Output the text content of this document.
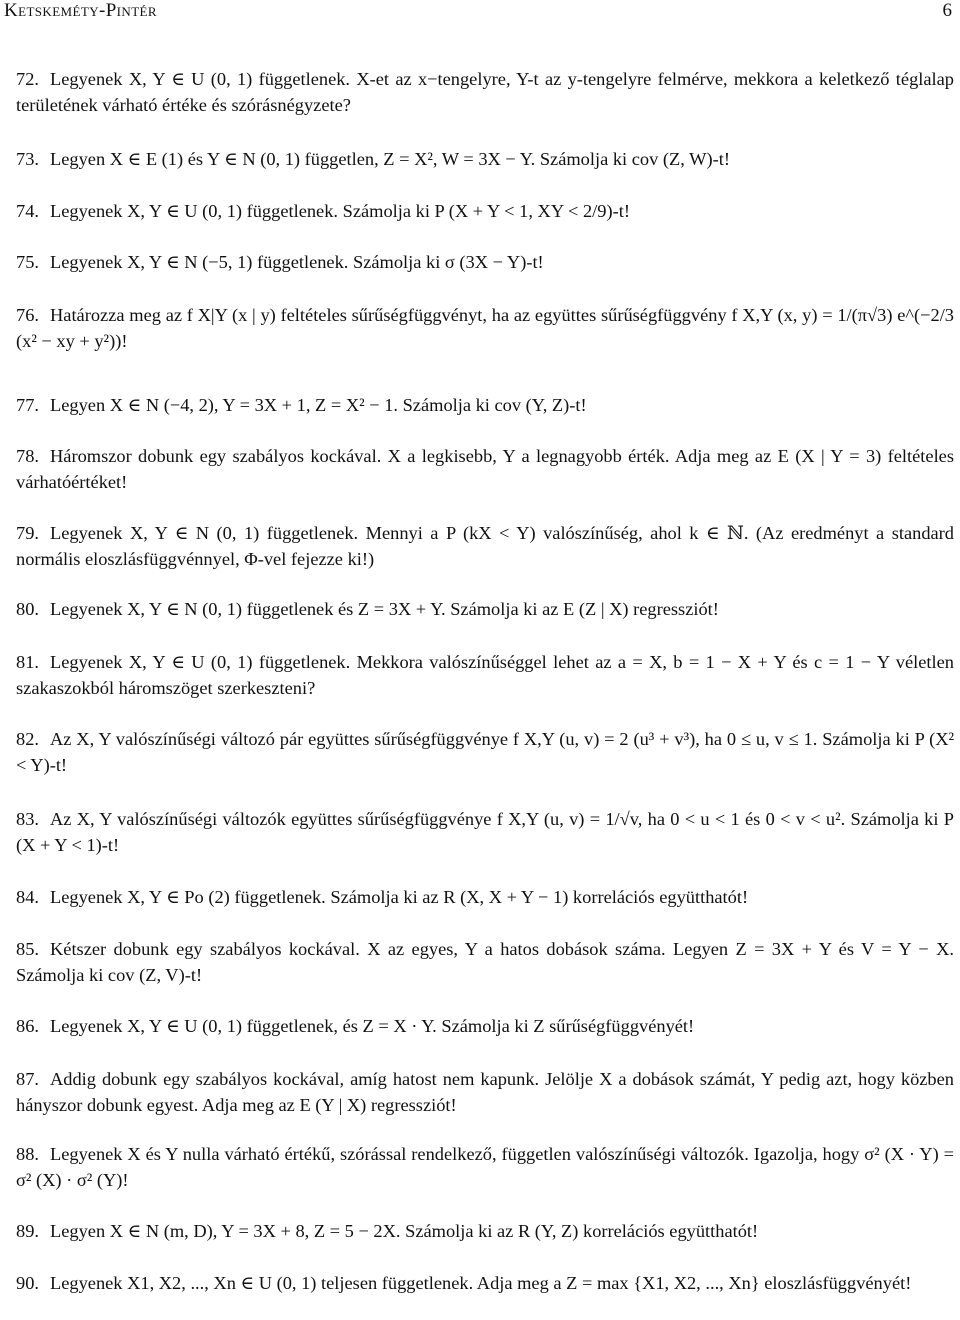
Ketskeméty-Pintér	6
72. Legyenek X, Y ∈ U (0, 1) függetlenek. X-et az x−tengelyre, Y-t az y-tengelyre felmérve, mekkora a keletkező téglalap területének várható értéke és szórásnégyzete?
73. Legyen X ∈ E (1) és Y ∈ N (0, 1) független, Z = X², W = 3X − Y. Számolja ki cov (Z, W)-t!
74. Legyenek X, Y ∈ U (0, 1) függetlenek. Számolja ki P (X + Y < 1, XY < 2/9)-t!
75. Legyenek X, Y ∈ N (−5, 1) függetlenek. Számolja ki σ (3X − Y)-t!
76. Határozza meg az f X|Y (x | y) feltételes sűrűségfüggvényt, ha az együttes sűrűségfüggvény f X,Y (x, y) = 1/(π√3) e^(−2/3 (x² − xy + y²))!
77. Legyen X ∈ N (−4, 2), Y = 3X + 1, Z = X² − 1. Számolja ki cov (Y, Z)-t!
78. Háromszor dobunk egy szabályos kockával. X a legkisebb, Y a legnagyobb érték. Adja meg az E (X | Y = 3) feltételes várhatóértéket!
79. Legyenek X, Y ∈ N (0, 1) függetlenek. Mennyi a P (kX < Y) valószínűség, ahol k ∈ ℕ. (Az eredményt a standard normális eloszlásfüggvénnyel, Φ-vel fejezze ki!)
80. Legyenek X, Y ∈ N (0, 1) függetlenek és Z = 3X + Y. Számolja ki az E (Z | X) regressziót!
81. Legyenek X, Y ∈ U (0, 1) függetlenek. Mekkora valószínűséggel lehet az a = X, b = 1 − X + Y és c = 1 − Y véletlen szakaszokból háromszöget szerkeszteni?
82. Az X, Y valószínűségi változó pár együttes sűrűségfüggvénye f X,Y (u, v) = 2 (u³ + v³), ha 0 ≤ u, v ≤ 1. Számolja ki P (X² < Y)-t!
83. Az X, Y valószínűségi változók együttes sűrűségfüggvénye f X,Y (u, v) = 1/√v, ha 0 < u < 1 és 0 < v < u². Számolja ki P (X + Y < 1)-t!
84. Legyenek X, Y ∈ Po (2) függetlenek. Számolja ki az R (X, X + Y − 1) korrelációs együtthatót!
85. Kétszer dobunk egy szabályos kockával. X az egyes, Y a hatos dobások száma. Legyen Z = 3X + Y és V = Y − X. Számolja ki cov (Z, V)-t!
86. Legyenek X, Y ∈ U (0, 1) függetlenek, és Z = X · Y. Számolja ki Z sűrűségfüggvényét!
87. Addig dobunk egy szabályos kockával, amíg hatost nem kapunk. Jelölje X a dobások számát, Y pedig azt, hogy közben hányszor dobunk egyest. Adja meg az E (Y | X) regressziót!
88. Legyenek X és Y nulla várható értékű, szórással rendelkező, független valószínűségi változók. Igazolja, hogy σ² (X · Y) = σ² (X) · σ² (Y)!
89. Legyen X ∈ N (m, D), Y = 3X + 8, Z = 5 − 2X. Számolja ki az R (Y, Z) korrelációs együtthatót!
90. Legyenek X1, X2, ..., Xn ∈ U (0, 1) teljesen függetlenek. Adja meg a Z = max {X1, X2, ..., Xn} eloszlásfüggvényét!
